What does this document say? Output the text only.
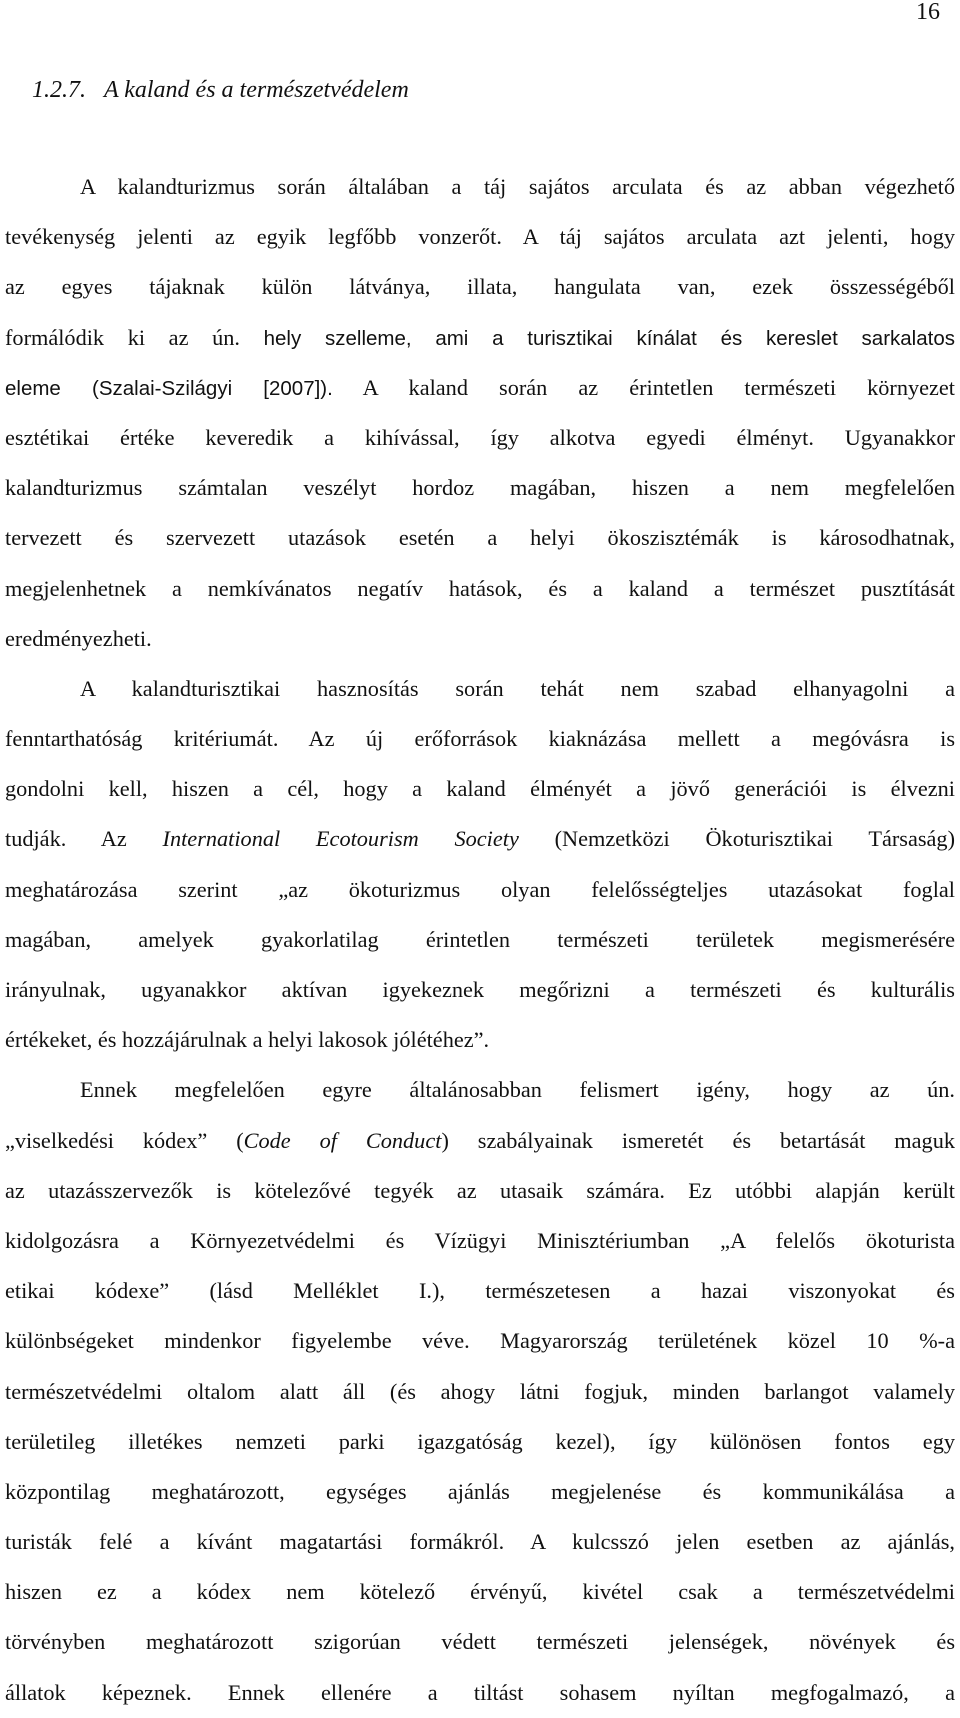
16
1.2.7. A kaland és a természetvédelem
A kalandturizmus során általában a táj sajátos arculata és az abban végezhető
tevékenység jelenti az egyik legfőbb vonzerőt. A táj sajátos arculata azt jelenti, hogy
az egyes tájaknak külön látványa, illata, hangulata van, ezek összességéből
formálódik ki az ún. hely szelleme, ami a turisztikai kínálat és kereslet sarkalatos
eleme (Szalai-Szilágyi [2007]). A kaland során az érintetlen természeti környezet
esztétikai értéke keveredik a kihívással, így alkotva egyedi élményt. Ugyanakkor
kalandturizmus számtalan veszélyt hordoz magában, hiszen a nem megfelelően
tervezett és szervezett utazások esetén a helyi ökoszisztémák is károsodhatnak,
megjelenhetnek a nemkívánatos negatív hatások, és a kaland a természet pusztítását
eredményezheti.
A kalandturisztikai hasznosítás során tehát nem szabad elhanyagolni a
fenntarthatóság kritériumát. Az új erőforrások kiaknázása mellett a megóvásra is
gondolni kell, hiszen a cél, hogy a kaland élményét a jövő generációi is élvezni
tudják. Az International Ecotourism Society (Nemzetközi Ökoturisztikai Társaság)
meghatározása szerint „az ökoturizmus olyan felelősségteljes utazásokat foglal
magában, amelyek gyakorlatilag érintetlen természeti területek megismerésére
irányulnak, ugyanakkor aktívan igyekeznek megőrizni a természeti és kulturális
értékeket, és hozzájárulnak a helyi lakosok jólétéhez”.
Ennek megfelelően egyre általánosabban felismert igény, hogy az ún.
„viselkedési kódex” (Code of Conduct) szabályainak ismeretét és betartását maguk
az utazásszervezők is kötelezővé tegyék az utasaik számára. Ez utóbbi alapján került
kidolgozásra a Környezetvédelmi és Vízügyi Minisztériumban „A felelős ökoturista
etikai kódexe” (lásd Melléklet I.), természetesen a hazai viszonyokat és
különbségeket mindenkor figyelembe véve. Magyarország területének közel 10 %-a
természetvédelmi oltalom alatt áll (és ahogy látni fogjuk, minden barlangot valamely
területileg illetékes nemzeti parki igazgatóság kezel), így különösen fontos egy
központilag meghatározott, egységes ajánlás megjelenése és kommunikálása a
turisták felé a kívánt magatartási formákról. A kulcsszó jelen esetben az ajánlás,
hiszen ez a kódex nem kötelező érvényű, kivétel csak a természetvédelmi
törvényben meghatározott szigorúan védett természeti jelenségek, növények és
állatok képeznek. Ennek ellenére a tiltást sohasem nyíltan megfogalmazó, a
